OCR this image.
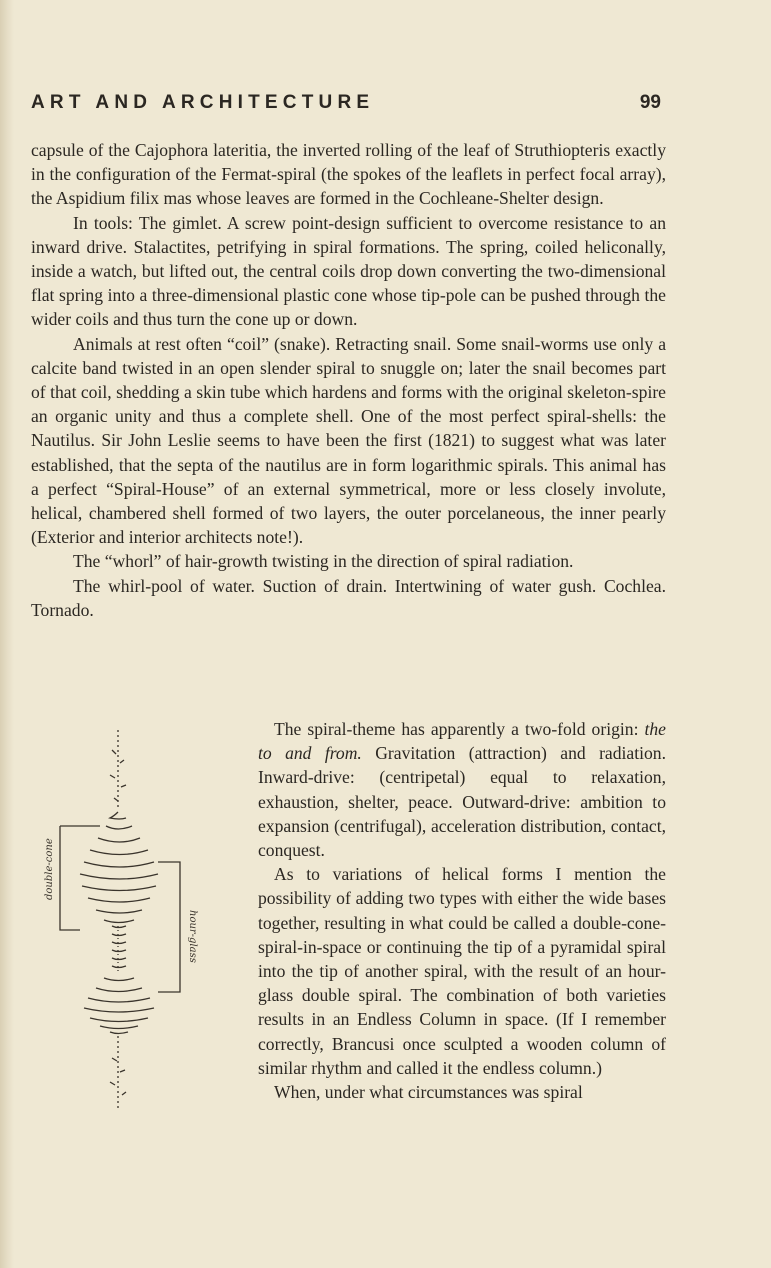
ART AND ARCHITECTURE	99

capsule of the Cajophora lateritia, the inverted rolling of the leaf of Struthiopteris exactly in the configuration of the Fermat-spiral (the spokes of the leaflets in perfect focal array), the Aspidium filix mas whose leaves are formed in the Cochleane-Shelter design.

In tools: The gimlet. A screw point-design sufficient to overcome resistance to an inward drive. Stalactites, petrifying in spiral formations. The spring, coiled heliconally, inside a watch, but lifted out, the central coils drop down converting the two-dimensional flat spring into a three-dimensional plastic cone whose tip-pole can be pushed through the wider coils and thus turn the cone up or down.

Animals at rest often “coil” (snake). Retracting snail. Some snail-worms use only a calcite band twisted in an open slender spiral to snuggle on; later the snail becomes part of that coil, shedding a skin tube which hardens and forms with the original skeleton-spire an organic unity and thus a complete shell. One of the most perfect spiral-shells: the Nautilus. Sir John Leslie seems to have been the first (1821) to suggest what was later established, that the septa of the nautilus are in form logarithmic spirals. This animal has a perfect “Spiral-House” of an external symmetrical, more or less closely involute, helical, chambered shell formed of two layers, the outer porcelaneous, the inner pearly (Exterior and interior architects note!).

The “whorl” of hair-growth twisting in the direction of spiral radiation.

The whirl-pool of water. Suction of drain. Intertwining of water gush. Cochlea. Tornado.

double-cone
hour-glass

The spiral-theme has apparently a two-fold origin: the to and from. Gravitation (attraction) and radiation. Inward-drive: (centripetal) equal to relaxation, exhaustion, shelter, peace. Outward-drive: ambition to expansion (centrifugal), acceleration distribution, contact, conquest.

As to variations of helical forms I mention the possibility of adding two types with either the wide bases together, resulting in what could be called a double-cone-spiral-in-space or continuing the tip of a pyramidal spiral into the tip of another spiral, with the result of an hour-glass double spiral. The combination of both varieties results in an Endless Column in space. (If I remember correctly, Brancusi once sculpted a wooden column of similar rhythm and called it the endless column.)

When, under what circumstances was spiral
